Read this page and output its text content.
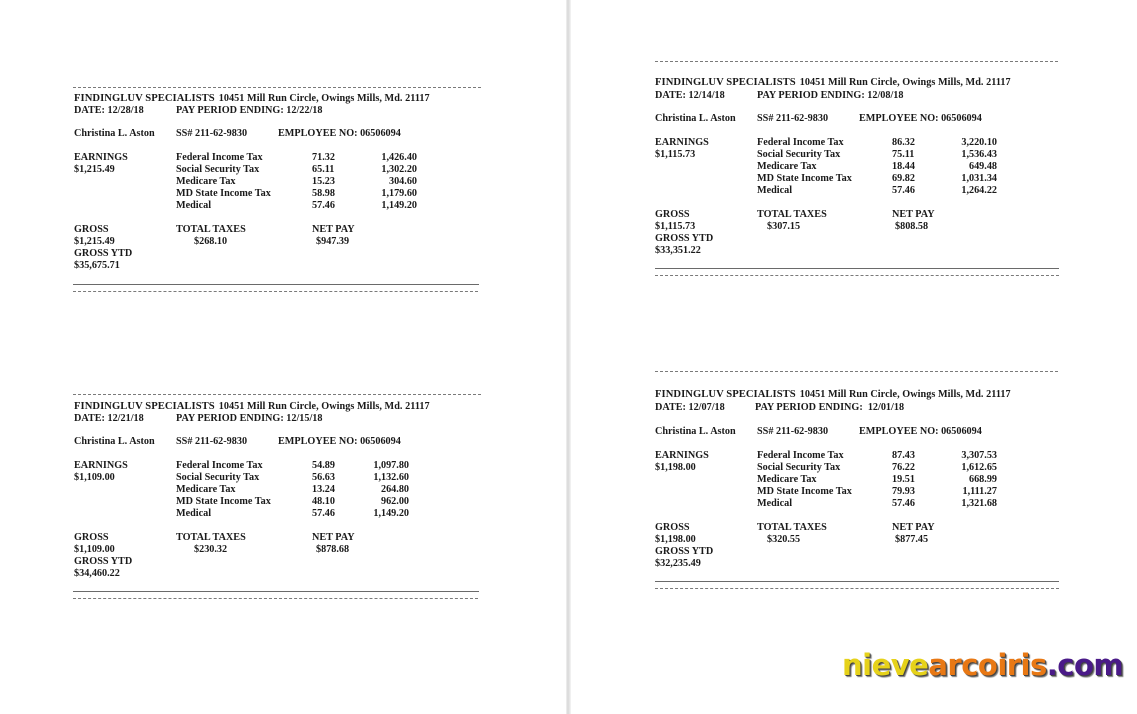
FINDINGLUV SPECIALISTS 10451 Mill Run Circle, Owings Mills, Md. 21117
DATE: 12/28/18	PAY PERIOD ENDING: 12/22/18
Christina L. Aston SS# 211-62-9830	EMPLOYEE NO: 06506094
EARNINGS
$1,215.49
Federal Income Tax	71.32	1,426.40
Social Security Tax	65.11	1,302.20
Medicare Tax	15.23	304.60
MD State Income Tax	58.98	1,179.60
Medical	57.46	1,149.20
GROSS	TOTAL TAXES	NET PAY
$1,215.49	$268.10	$947.39
GROSS YTD
$35,675.71
FINDINGLUV SPECIALISTS 10451 Mill Run Circle, Owings Mills, Md. 21117
DATE: 12/21/18	PAY PERIOD ENDING: 12/15/18
Christina L. Aston SS# 211-62-9830	EMPLOYEE NO: 06506094
EARNINGS
$1,109.00
Federal Income Tax	54.89	1,097.80
Social Security Tax	56.63	1,132.60
Medicare Tax	13.24	264.80
MD State Income Tax	48.10	962.00
Medical	57.46	1,149.20
GROSS	TOTAL TAXES	NET PAY
$1,109.00	$230.32	$878.68
GROSS YTD
$34,460.22
FINDINGLUV SPECIALISTS 10451 Mill Run Circle, Owings Mills, Md. 21117
DATE: 12/14/18	PAY PERIOD ENDING: 12/08/18
Christina L. Aston SS# 211-62-9830	EMPLOYEE NO: 06506094
EARNINGS
$1,115.73
Federal Income Tax	86.32	3,220.10
Social Security Tax	75.11	1,536.43
Medicare Tax	18.44	649.48
MD State Income Tax	69.82	1,031.34
Medical	57.46	1,264.22
GROSS	TOTAL TAXES	NET PAY
$1,115.73	$307.15	$808.58
GROSS YTD
$33,351.22
FINDINGLUV SPECIALISTS 10451 Mill Run Circle, Owings Mills, Md. 21117
DATE: 12/07/18	PAY PERIOD ENDING:  12/01/18
Christina L. Aston SS# 211-62-9830	EMPLOYEE NO: 06506094
EARNINGS
$1,198.00
Federal Income Tax	87.43	3,307.53
Social Security Tax	76.22	1,612.65
Medicare Tax	19.51	668.99
MD State Income Tax	79.93	1,111.27
Medical	57.46	1,321.68
GROSS	TOTAL TAXES	NET PAY
$1,198.00	$320.55	$877.45
GROSS YTD
$32,235.49
nievearcoiris.com
